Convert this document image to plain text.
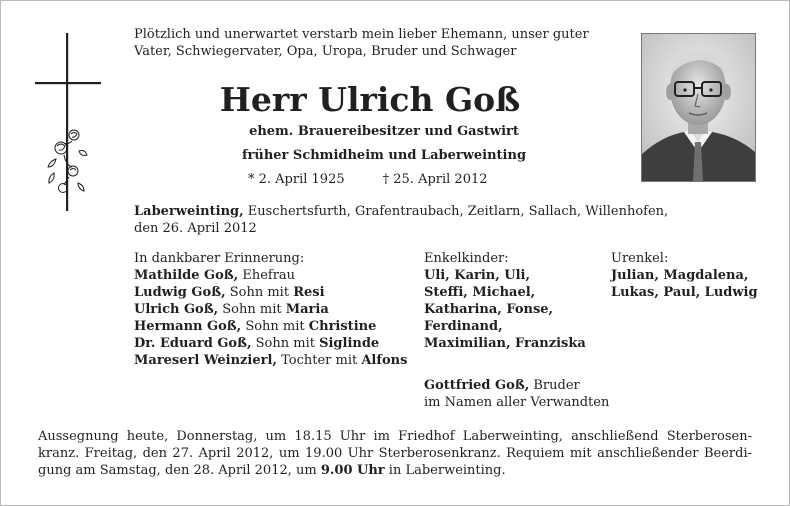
Plötzlich und unerwartet verstarb mein lieber Ehemann, unser guter
Vater, Schwiegervater, Opa, Uropa, Bruder und Schwager
Herr Ulrich Goß
ehem. Brauereibesitzer und Gastwirt
früher Schmidheim und Laberweinting
* 2. April 1925	† 25. April 2012
Laberweinting, Euschertsfurth, Grafentraubach, Zeitlarn, Sallach, Willenhofen,
den 26. April 2012
In dankbarer Erinnerung:
Mathilde Goß, Ehefrau
Ludwig Goß, Sohn mit Resi
Ulrich Goß, Sohn mit Maria
Hermann Goß, Sohn mit Christine
Dr. Eduard Goß, Sohn mit Siglinde
Mareserl Weinzierl, Tochter mit Alfons
Enkelkinder:
Uli, Karin, Uli,
Steffi, Michael,
Katharina, Fonse,
Ferdinand,
Maximilian, Franziska
Urenkel:
Julian, Magdalena,
Lukas, Paul, Ludwig
Gottfried Goß, Bruder
im Namen aller Verwandten
Aussegnung heute, Donnerstag, um 18.15 Uhr im Friedhof Laberweinting, anschließend Sterberosen-kranz. Freitag, den 27. April 2012, um 19.00 Uhr Sterberosenkranz. Requiem mit anschließender Beerdi-gung am Samstag, den 28. April 2012, um 9.00 Uhr in Laberweinting.
